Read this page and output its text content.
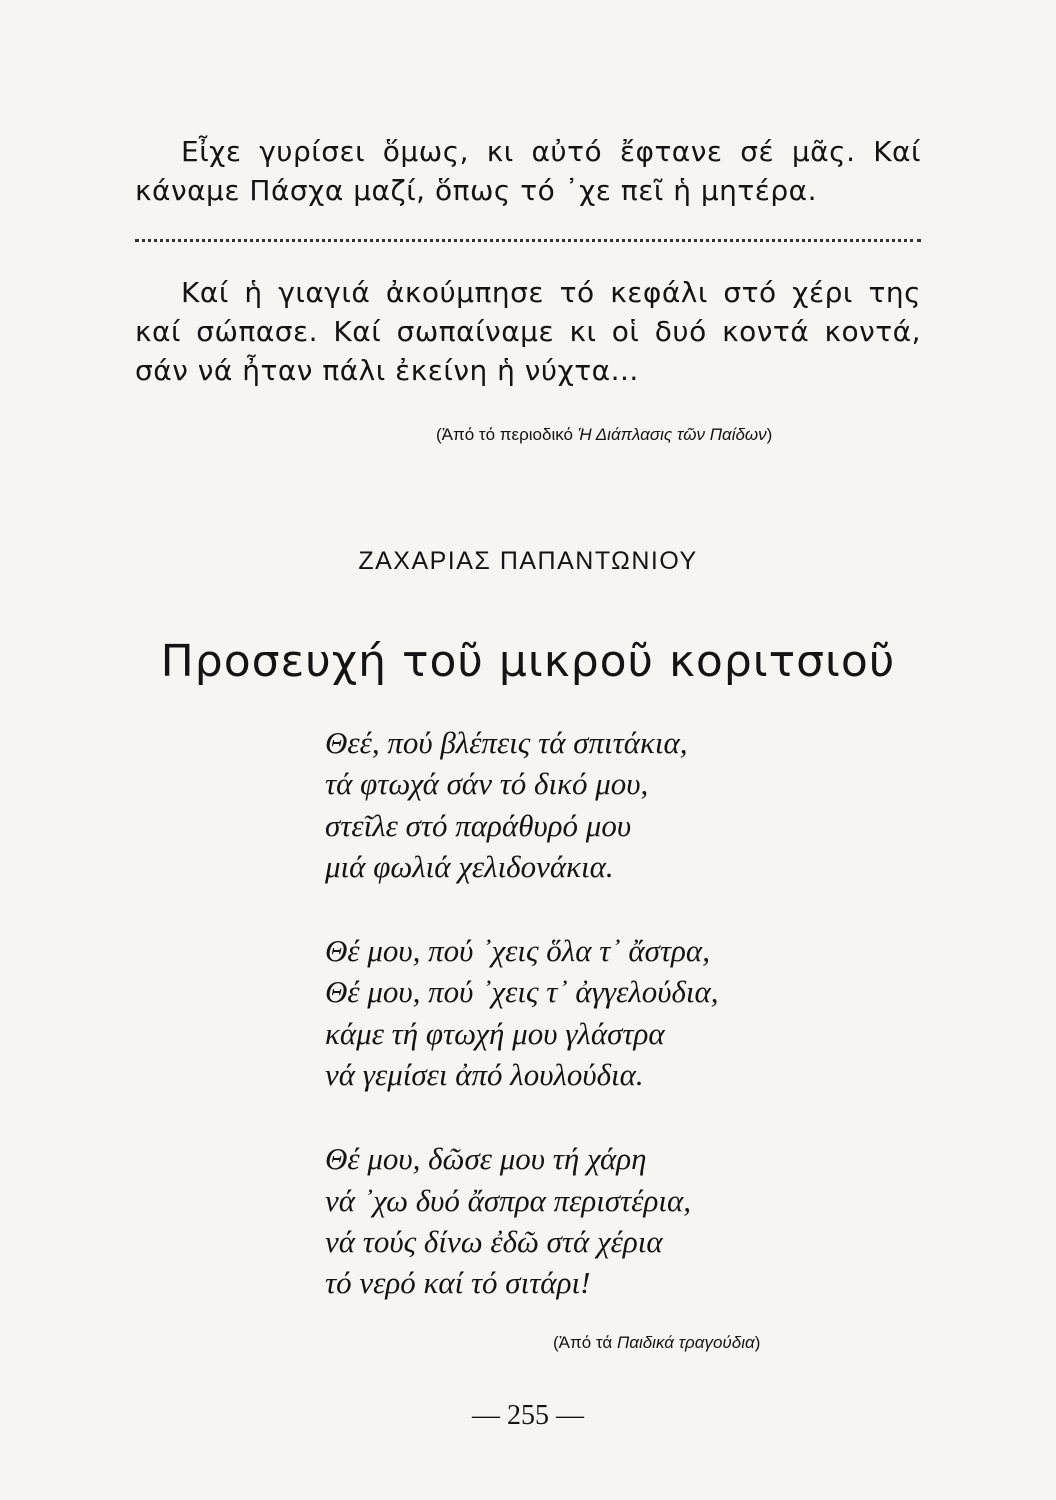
Εἶχε γυρίσει ὅμως, κι αὐτό ἔφτανε σέ μᾶς. Καί κάναμε Πάσχα μαζί, ὅπως τό ᾽χε πεῖ ἡ μητέρα.

Καί ἡ γιαγιά ἀκούμπησε τό κεφάλι στό χέρι της καί σώπασε. Καί σωπαίναμε κι οἱ δυό κοντά κοντά, σάν νά ἦταν πάλι ἐκείνη ἡ νύχτα...

(Ἀπό τό περιοδικό Ἡ Διάπλασις τῶν Παίδων)
ΖΑΧΑΡΙΑΣ ΠΑΠΑΝΤΩΝΙΟΥ
Προσευχή τοῦ μικροῦ κοριτσιοῦ
Θεέ, πού βλέπεις τά σπιτάκια,
τά φτωχά σάν τό δικό μου,
στεῖλε στό παράθυρό μου
μιά φωλιά χελιδονάκια.
Θέ μου, πού ᾽χεις ὅλα τ᾽ ἄστρα,
Θέ μου, πού ᾽χεις τ᾽ ἀγγελούδια,
κάμε τή φτωχή μου γλάστρα
νά γεμίσει ἀπό λουλούδια.
Θέ μου, δῶσε μου τή χάρη
νά ᾽χω δυό ἄσπρα περιστέρια,
νά τούς δίνω ἐδῶ στά χέρια
τό νερό καί τό σιτάρι!
(Ἀπό τά Παιδικά τραγούδια)
— 255 —
